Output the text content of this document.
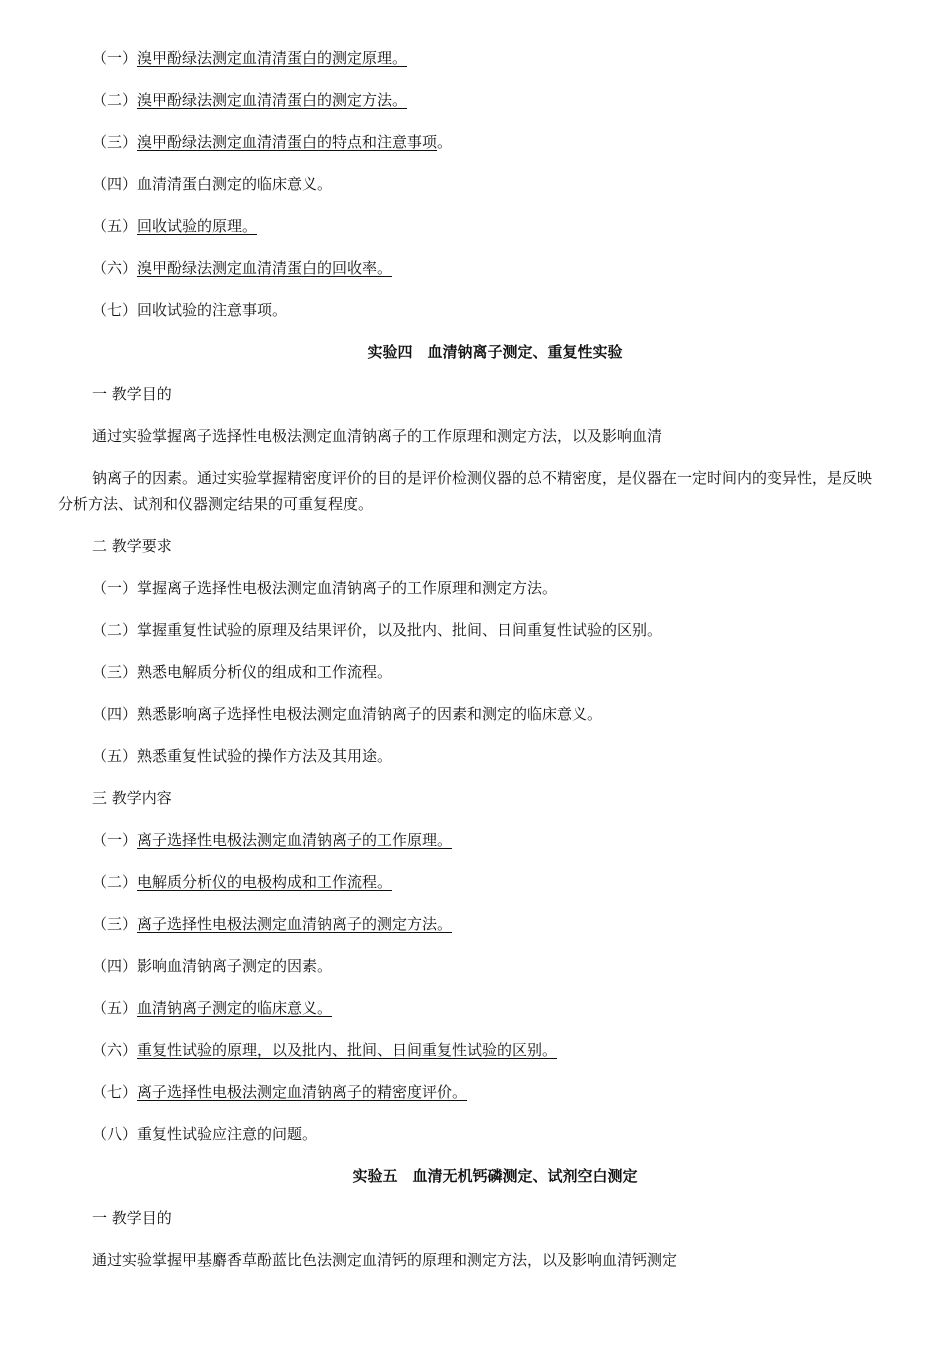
（一）溴甲酚绿法测定血清清蛋白的测定原理。
（二）溴甲酚绿法测定血清清蛋白的测定方法。
（三）溴甲酚绿法测定血清清蛋白的特点和注意事项。
（四）血清清蛋白测定的临床意义。
（五）回收试验的原理。
（六）溴甲酚绿法测定血清清蛋白的回收率。
（七）回收试验的注意事项。
实验四　血清钠离子测定、重复性实验
一 教学目的
通过实验掌握离子选择性电极法测定血清钠离子的工作原理和测定方法，以及影响血清
钠离子的因素。通过实验掌握精密度评价的目的是评价检测仪器的总不精密度，是仪器在一定时间内的变异性，是反映分析方法、试剂和仪器测定结果的可重复程度。
二 教学要求
（一）掌握离子选择性电极法测定血清钠离子的工作原理和测定方法。
（二）掌握重复性试验的原理及结果评价，以及批内、批间、日间重复性试验的区别。
（三）熟悉电解质分析仪的组成和工作流程。
（四）熟悉影响离子选择性电极法测定血清钠离子的因素和测定的临床意义。
（五）熟悉重复性试验的操作方法及其用途。
三 教学内容
（一）离子选择性电极法测定血清钠离子的工作原理。
（二）电解质分析仪的电极构成和工作流程。
（三）离子选择性电极法测定血清钠离子的测定方法。
（四）影响血清钠离子测定的因素。
（五）血清钠离子测定的临床意义。
（六）重复性试验的原理，以及批内、批间、日间重复性试验的区别。
（七）离子选择性电极法测定血清钠离子的精密度评价。
（八）重复性试验应注意的问题。
实验五　血清无机钙磷测定、试剂空白测定
一 教学目的
通过实验掌握甲基麝香草酚蓝比色法测定血清钙的原理和测定方法，以及影响血清钙测定
